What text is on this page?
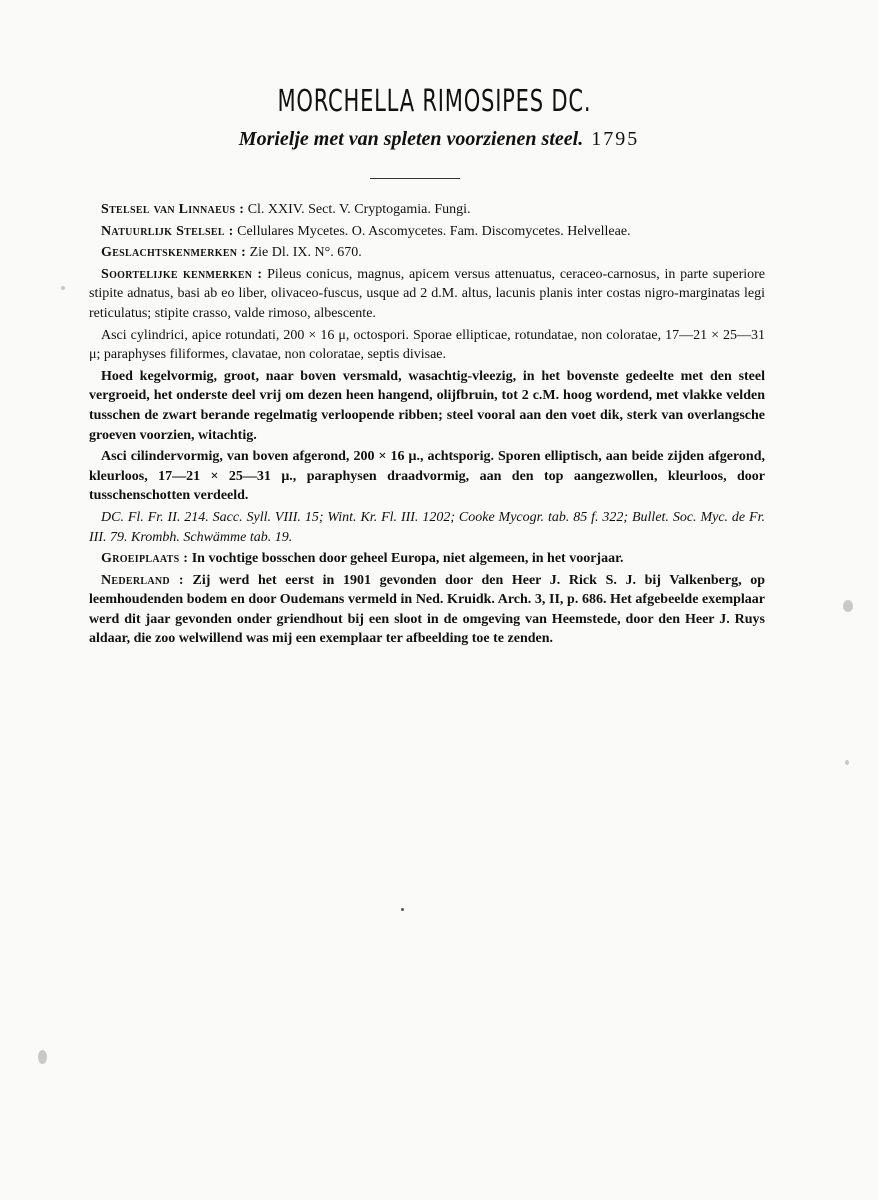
MORCHELLA RIMOSIPES DC.
Morielje met van spleten voorzienen steel. 1795

Stelsel van Linnaeus : Cl. XXIV. Sect. V. Cryptogamia. Fungi.

Natuurlijk Stelsel : Cellulares Mycetes. O. Ascomycetes. Fam. Discomycetes. Helvelleae.

Geslachtskenmerken : Zie Dl. IX. N°. 670.

Soortelijke kenmerken : Pileus conicus, magnus, apicem versus attenuatus, ceraceo-carnosus, in parte superiore stipite adnatus, basi ab eo liber, olivaceo-fuscus, usque ad 2 d.M. altus, lacunis planis inter costas nigro-marginatas legi reticulatus; stipite crasso, valde rimoso, albescente.

Asci cylindrici, apice rotundati, 200 × 16 μ, octospori. Sporae ellipticae, rotundatae, non coloratae, 17—21 × 25—31 μ; paraphyses filiformes, clavatae, non coloratae, septis divisae.

Hoed kegelvormig, groot, naar boven versmald, wasachtig-vleezig, in het bovenste gedeelte met den steel vergroeid, het onderste deel vrij om dezen heen hangend, olijfbruin, tot 2 c.M. hoog wordend, met vlakke velden tusschen de zwart berande regelmatig verloopende ribben; steel vooral aan den voet dik, sterk van overlangsche groeven voorzien, witachtig.

Asci cilindervormig, van boven afgerond, 200 × 16 μ., achtsporig. Sporen elliptisch, aan beide zijden afgerond, kleurloos, 17—21 × 25—31 μ., paraphysen draadvormig, aan den top aangezwollen, kleurloos, door tusschenschotten verdeeld.

DC. Fl. Fr. II. 214. Sacc. Syll. VIII. 15; Wint. Kr. Fl. III. 1202; Cooke Mycogr. tab. 85 f. 322; Bullet. Soc. Myc. de Fr. III. 79. Krombh. Schwämme tab. 19.

Groeiplaats : In vochtige bosschen door geheel Europa, niet algemeen, in het voorjaar.

Nederland : Zij werd het eerst in 1901 gevonden door den Heer J. Rick S. J. bij Valkenberg, op leemhoudenden bodem en door Oudemans vermeld in Ned. Kruidk. Arch. 3, II, p. 686. Het afgebeelde exemplaar werd dit jaar gevonden onder griendhout bij een sloot in de omgeving van Heemstede, door den Heer J. Ruys aldaar, die zoo welwillend was mij een exemplaar ter afbeelding toe te zenden.
